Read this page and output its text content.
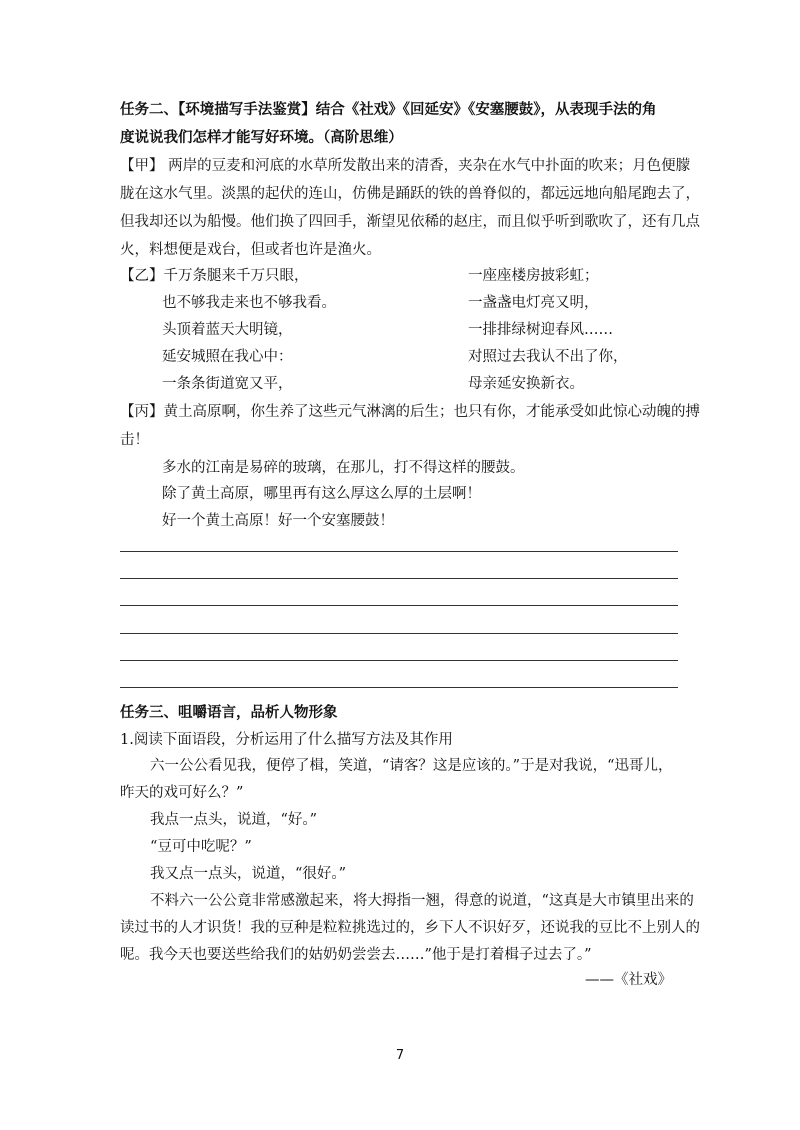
任务二、【环境描写手法鉴赏】结合《社戏》《回延安》《安塞腰鼓》，从表现手法的角
度说说我们怎样才能写好环境。（高阶思维）
【甲】 两岸的豆麦和河底的水草所发散出来的清香，夹杂在水气中扑面的吹来；月色便朦
胧在这水气里。淡黑的起伏的连山，仿佛是踊跃的铁的兽脊似的，都远远地向船尾跑去了，
但我却还以为船慢。他们换了四回手，渐望见依稀的赵庄，而且似乎听到歌吹了，还有几点
火，料想便是戏台，但或者也许是渔火。
【乙】千万条腿来千万只眼，
也不够我走来也不够我看。
头顶着蓝天大明镜，
延安城照在我心中：
一条条街道宽又平，
一座座楼房披彩虹；
一盏盏电灯亮又明，
一排排绿树迎春风……
对照过去我认不出了你，
母亲延安换新衣。
【丙】黄土高原啊，你生养了这些元气淋漓的后生；也只有你，才能承受如此惊心动魄的搏
击！
多水的江南是易碎的玻璃，在那儿，打不得这样的腰鼓。
除了黄土高原，哪里再有这么厚这么厚的土层啊！
好一个黄土高原！好一个安塞腰鼓！
任务三、咀嚼语言，品析人物形象
1.阅读下面语段，分析运用了什么描写方法及其作用
六一公公看见我，便停了楫，笑道，“请客？这是应该的。”于是对我说，“迅哥儿，
昨天的戏可好么？”
我点一点头，说道，“好。”
“豆可中吃呢？”
我又点一点头，说道，“很好。”
不料六一公公竟非常感激起来，将大拇指一翘，得意的说道，“这真是大市镇里出来的
读过书的人才识货！我的豆种是粒粒挑选过的，乡下人不识好歹，还说我的豆比不上别人的
呢。我今天也要送些给我们的姑奶奶尝尝去……”他于是打着楫子过去了。”
——《社戏》
7
